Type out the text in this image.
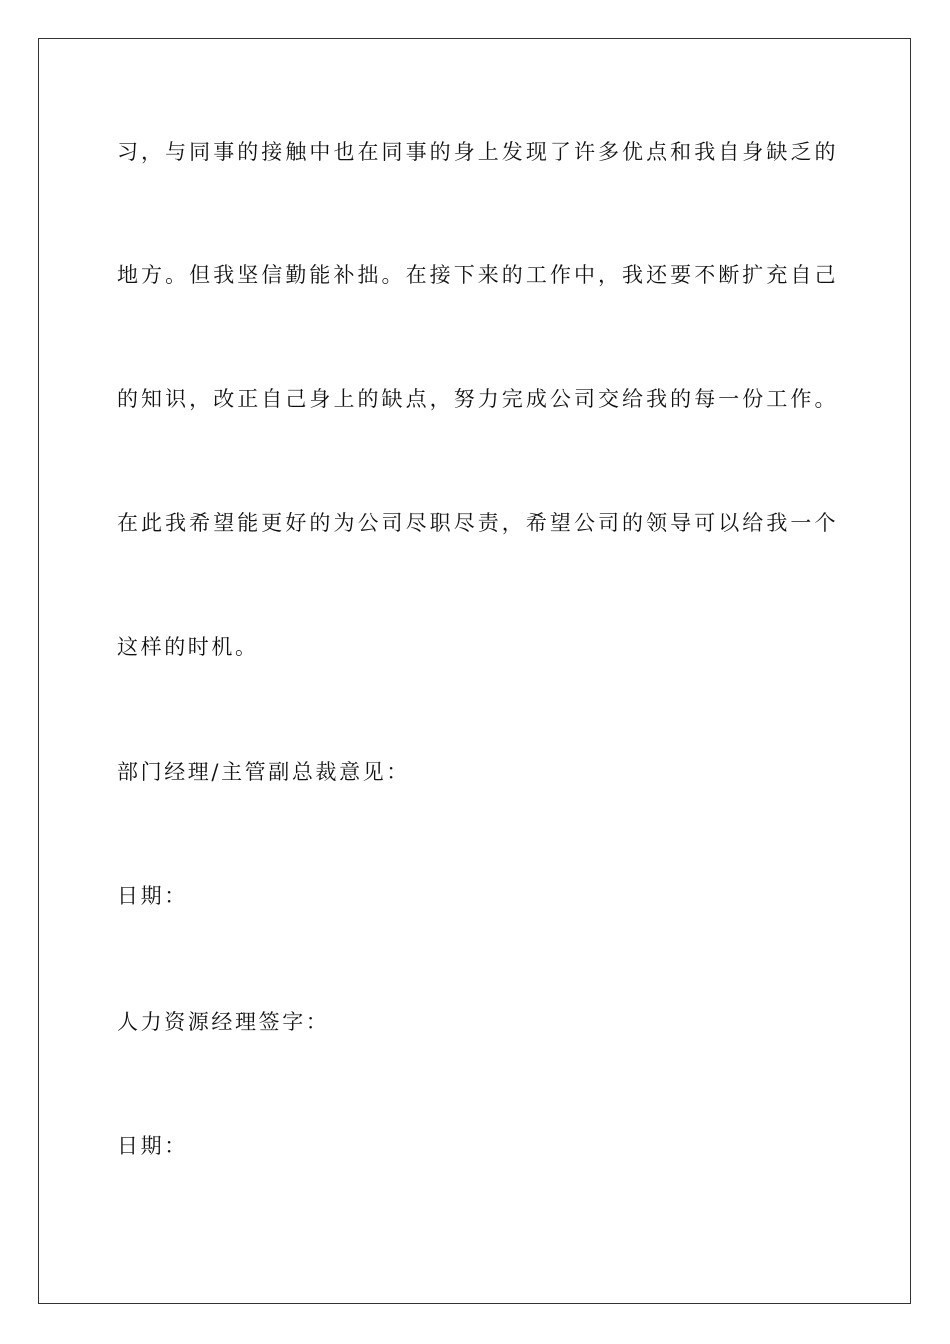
习，与同事的接触中也在同事的身上发现了许多优点和我自身缺乏的
地方。但我坚信勤能补拙。在接下来的工作中，我还要不断扩充自己
的知识，改正自己身上的缺点，努力完成公司交给我的每一份工作。
在此我希望能更好的为公司尽职尽责，希望公司的领导可以给我一个
这样的时机。
部门经理/主管副总裁意见：
日期：
人力资源经理签字：
日期：
